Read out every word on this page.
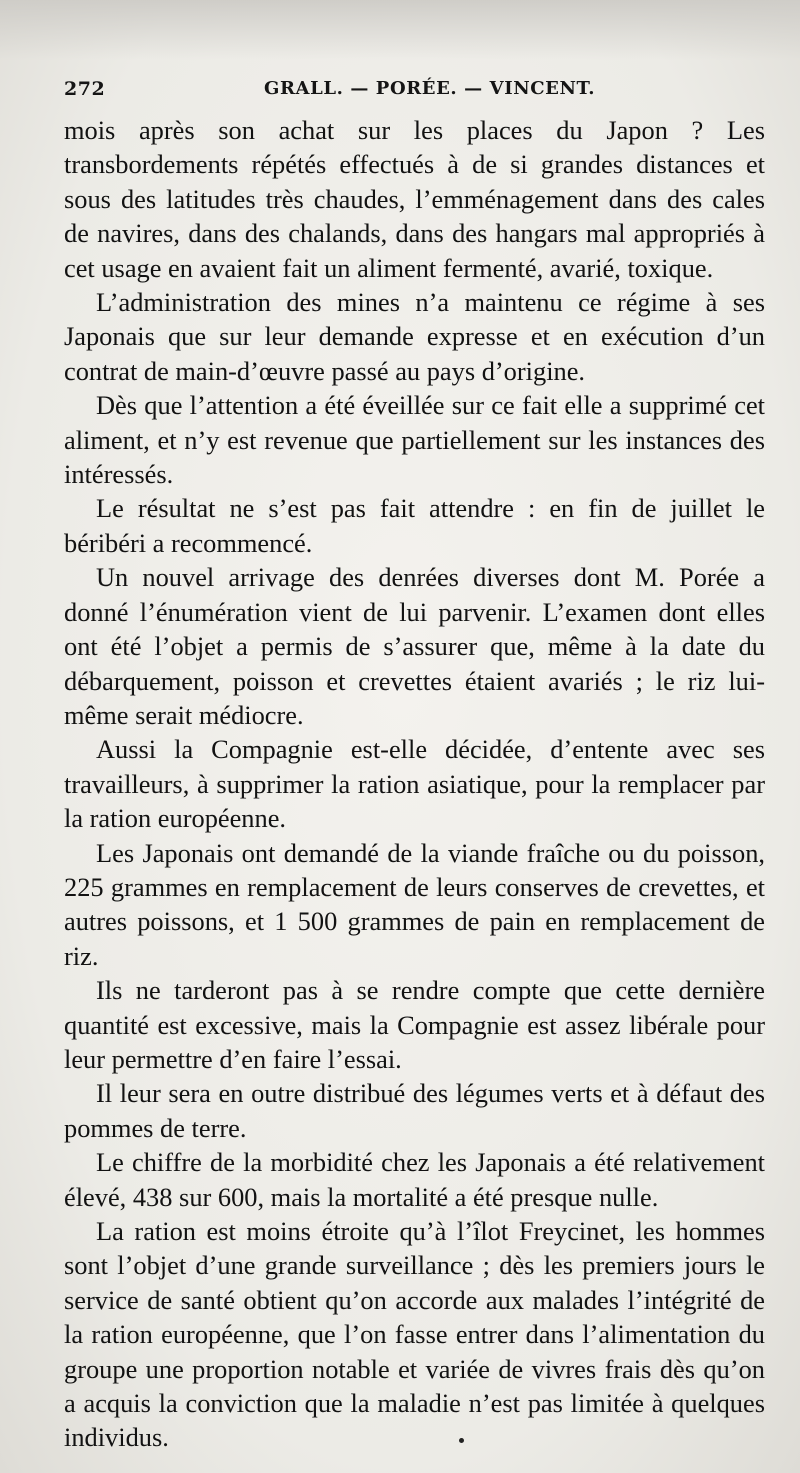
272	GRALL. — PORÉE. — VINCENT.

mois après son achat sur les places du Japon ? Les transbordements répétés effectués à de si grandes distances et sous des latitudes très chaudes, l’emménagement dans des cales de navires, dans des chalands, dans des hangars mal appropriés à cet usage en avaient fait un aliment fermenté, avarié, toxique.

L’administration des mines n’a maintenu ce régime à ses Japonais que sur leur demande expresse et en exécution d’un contrat de main-d’œuvre passé au pays d’origine.

Dès que l’attention a été éveillée sur ce fait elle a supprimé cet aliment, et n’y est revenue que partiellement sur les instances des intéressés.

Le résultat ne s’est pas fait attendre : en fin de juillet le béribéri a recommencé.

Un nouvel arrivage des denrées diverses dont M. Porée a donné l’énumération vient de lui parvenir. L’examen dont elles ont été l’objet a permis de s’assurer que, même à la date du débarquement, poisson et crevettes étaient avariés ; le riz lui-même serait médiocre.

Aussi la Compagnie est-elle décidée, d’entente avec ses travailleurs, à supprimer la ration asiatique, pour la remplacer par la ration européenne.

Les Japonais ont demandé de la viande fraîche ou du poisson, 225 grammes en remplacement de leurs conserves de crevettes, et autres poissons, et 1 500 grammes de pain en remplacement de riz.

Ils ne tarderont pas à se rendre compte que cette dernière quantité est excessive, mais la Compagnie est assez libérale pour leur permettre d’en faire l’essai.

Il leur sera en outre distribué des légumes verts et à défaut des pommes de terre.

Le chiffre de la morbidité chez les Japonais a été relativement élevé, 438 sur 600, mais la mortalité a été presque nulle.

La ration est moins étroite qu’à l’îlot Freycinet, les hommes sont l’objet d’une grande surveillance ; dès les premiers jours le service de santé obtient qu’on accorde aux malades l’intégrité de la ration européenne, que l’on fasse entrer dans l’alimentation du groupe une proportion notable et variée de vivres frais dès qu’on a acquis la conviction que la maladie n’est pas limitée à quelques individus.
